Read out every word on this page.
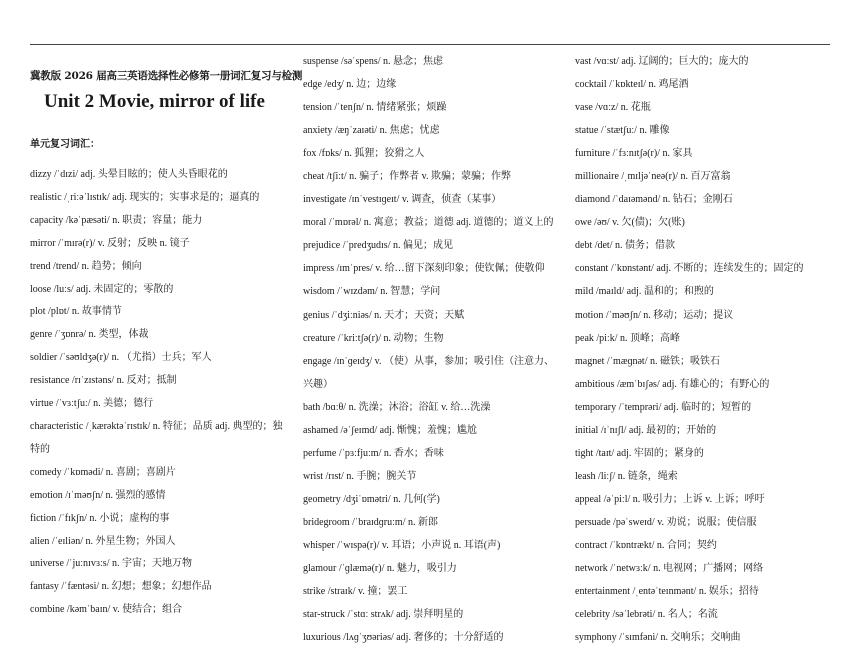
冀教版 2026 届高三英语选择性必修第一册词汇复习与检测
Unit 2 Movie, mirror of life
单元复习词汇：
dizzy /ˈdɪzi/ adj. 头晕目眩的；使人头昏眼花的
realistic /ˌriːəˈlɪstɪk/ adj. 现实的；实事求是的；逼真的
capacity /kəˈpæsəti/ n. 职责；容量；能力
mirror /ˈmɪrə(r)/ v. 反射；反映 n. 镜子
trend /trend/ n. 趋势；倾向
loose /luːs/ adj. 未固定的；零散的
plot /plɒt/ n. 故事情节
genre /ˈʒɒnrə/ n. 类型，体裁
soldier /ˈsəʊldʒə(r)/ n. （尤指）士兵；军人
resistance /rɪˈzɪstəns/ n. 反对；抵制
virtue /ˈvɜːtʃuː/ n. 美德；德行
characteristic /ˌkærəktəˈrɪstɪk/ n. 特征；品质 adj. 典型的；独特的
comedy /ˈkɒmədi/ n. 喜剧；喜剧片
emotion /ɪˈməʊʃn/ n. 强烈的感情
fiction /ˈfɪkʃn/ n. 小说；虚构的事
alien /ˈeɪliən/ n. 外星生物；外国人
universe /ˈjuːnɪvɜːs/ n. 宇宙；天地万物
fantasy /ˈfæntəsi/ n. 幻想；想象；幻想作品
combine /kəmˈbaɪn/ v. 使结合；组合
suspense /səˈspens/ n. 悬念；焦虑
edge /edʒ/ n. 边；边缘
tension /ˈtenʃn/ n. 情绪紧张；烦躁
anxiety /æŋˈzaɪəti/ n. 焦虑；忧虑
fox /fɒks/ n. 狐狸；狡猾之人
cheat /tʃiːt/ n. 骗子；作弊者 v. 欺骗；蒙骗；作弊
investigate /ɪnˈvestɪɡeɪt/ v. 调查，侦查（某事）
moral /ˈmɒrəl/ n. 寓意；教益；道德 adj. 道德的；道义上的
prejudice /ˈpredʒudɪs/ n. 偏见；成见
impress /ɪmˈpres/ v. 给…留下深刻印象；使钦佩；使敬仰
wisdom /ˈwɪzdəm/ n. 智慧；学问
genius /ˈdʒiːniəs/ n. 天才；天资；天赋
creature /ˈkriːtʃə(r)/ n. 动物；生物
engage /ɪnˈɡeɪdʒ/ v. （使）从事，参加；吸引住（注意力、兴趣）
bath /bɑːθ/ n. 洗澡；沐浴；浴缸 v. 给…洗澡
ashamed /əˈʃeɪmd/ adj. 惭愧；羞愧；尴尬
perfume /ˈpɜːfjuːm/ n. 香水；香味
wrist /rɪst/ n. 手腕；腕关节
geometry /dʒiˈɒmətri/ n. 几何(学)
bridegroom /ˈbraɪdɡruːm/ n. 新郎
whisper /ˈwɪspə(r)/ v. 耳语；小声说 n. 耳语(声)
glamour /ˈɡlæmə(r)/ n. 魅力，吸引力
strike /straɪk/ v. 撞；罢工
star-struck /ˈstɑː strʌk/ adj. 崇拜明星的
luxurious /lʌɡˈʒʊəriəs/ adj. 奢侈的；十分舒适的
vast /vɑːst/ adj. 辽阔的；巨大的；庞大的
cocktail /ˈkɒkteɪl/ n. 鸡尾酒
vase /vɑːz/ n. 花瓶
statue /ˈstætʃuː/ n. 雕像
furniture /ˈfɜːnɪtʃə(r)/ n. 家具
millionaire /ˌmɪljəˈneə(r)/ n. 百万富翁
diamond /ˈdaɪəmənd/ n. 钻石；金刚石
owe /əʊ/ v. 欠(债)；欠(账)
debt /det/ n. 债务；借款
constant /ˈkɒnstənt/ adj. 不断的；连续发生的；固定的
mild /maɪld/ adj. 温和的；和煦的
motion /ˈməʊʃn/ n. 移动；运动；提议
peak /piːk/ n. 顶峰；高峰
magnet /ˈmæɡnət/ n. 磁铁；吸铁石
ambitious /æmˈbɪʃəs/ adj. 有雄心的；有野心的
temporary /ˈtemprəri/ adj. 临时的；短暂的
initial /ɪˈnɪʃl/ adj. 最初的；开始的
tight /taɪt/ adj. 牢固的；紧身的
leash /liːʃ/ n. 链条，绳索
appeal /əˈpiːl/ n. 吸引力；上诉 v. 上诉；呼吁
persuade /pəˈsweɪd/ v. 劝说；说服；使信服
contract /ˈkɒntrækt/ n. 合同；契约
network /ˈnetwɜːk/ n. 电视网；广播网；网络
entertainment /ˌentəˈteɪnmənt/ n. 娱乐；招待
celebrity /səˈlebrəti/ n. 名人；名流
symphony /ˈsɪmfəni/ n. 交响乐；交响曲
